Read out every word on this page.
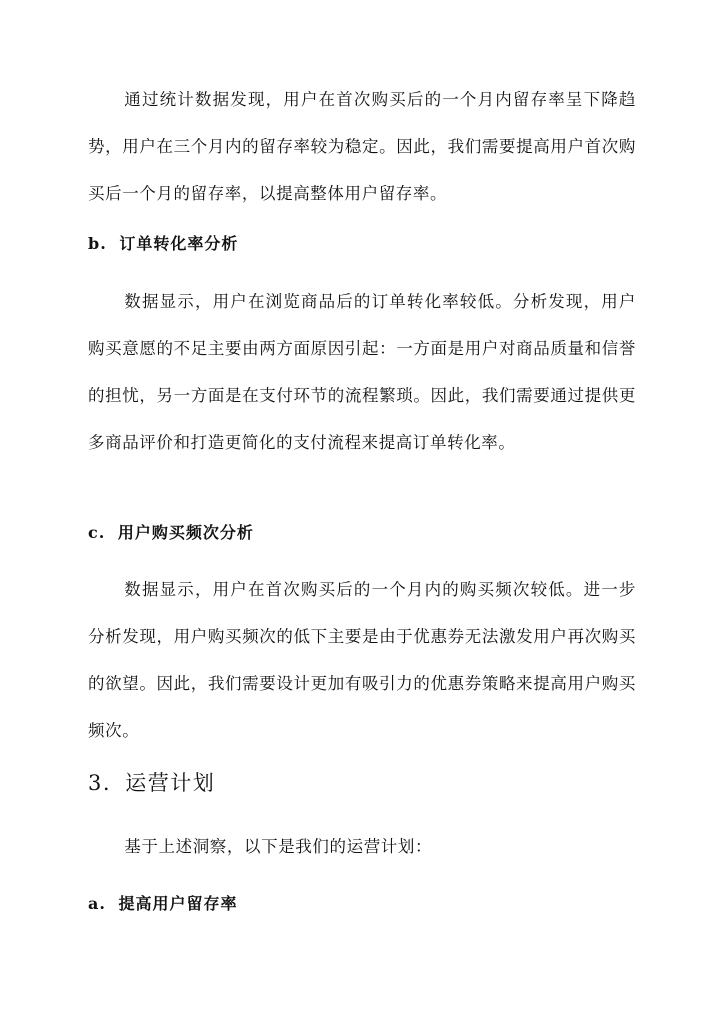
通过统计数据发现，用户在首次购买后的一个月内留存率呈下降趋势，用户在三个月内的留存率较为稳定。因此，我们需要提高用户首次购买后一个月的留存率，以提高整体用户留存率。

b. 订单转化率分析

数据显示，用户在浏览商品后的订单转化率较低。分析发现，用户购买意愿的不足主要由两方面原因引起：一方面是用户对商品质量和信誉的担忧，另一方面是在支付环节的流程繁琐。因此，我们需要通过提供更多商品评价和打造更简化的支付流程来提高订单转化率。

c. 用户购买频次分析

数据显示，用户在首次购买后的一个月内的购买频次较低。进一步分析发现，用户购买频次的低下主要是由于优惠券无法激发用户再次购买的欲望。因此，我们需要设计更加有吸引力的优惠券策略来提高用户购买频次。

3. 运营计划

基于上述洞察，以下是我们的运营计划：

a. 提高用户留存率
